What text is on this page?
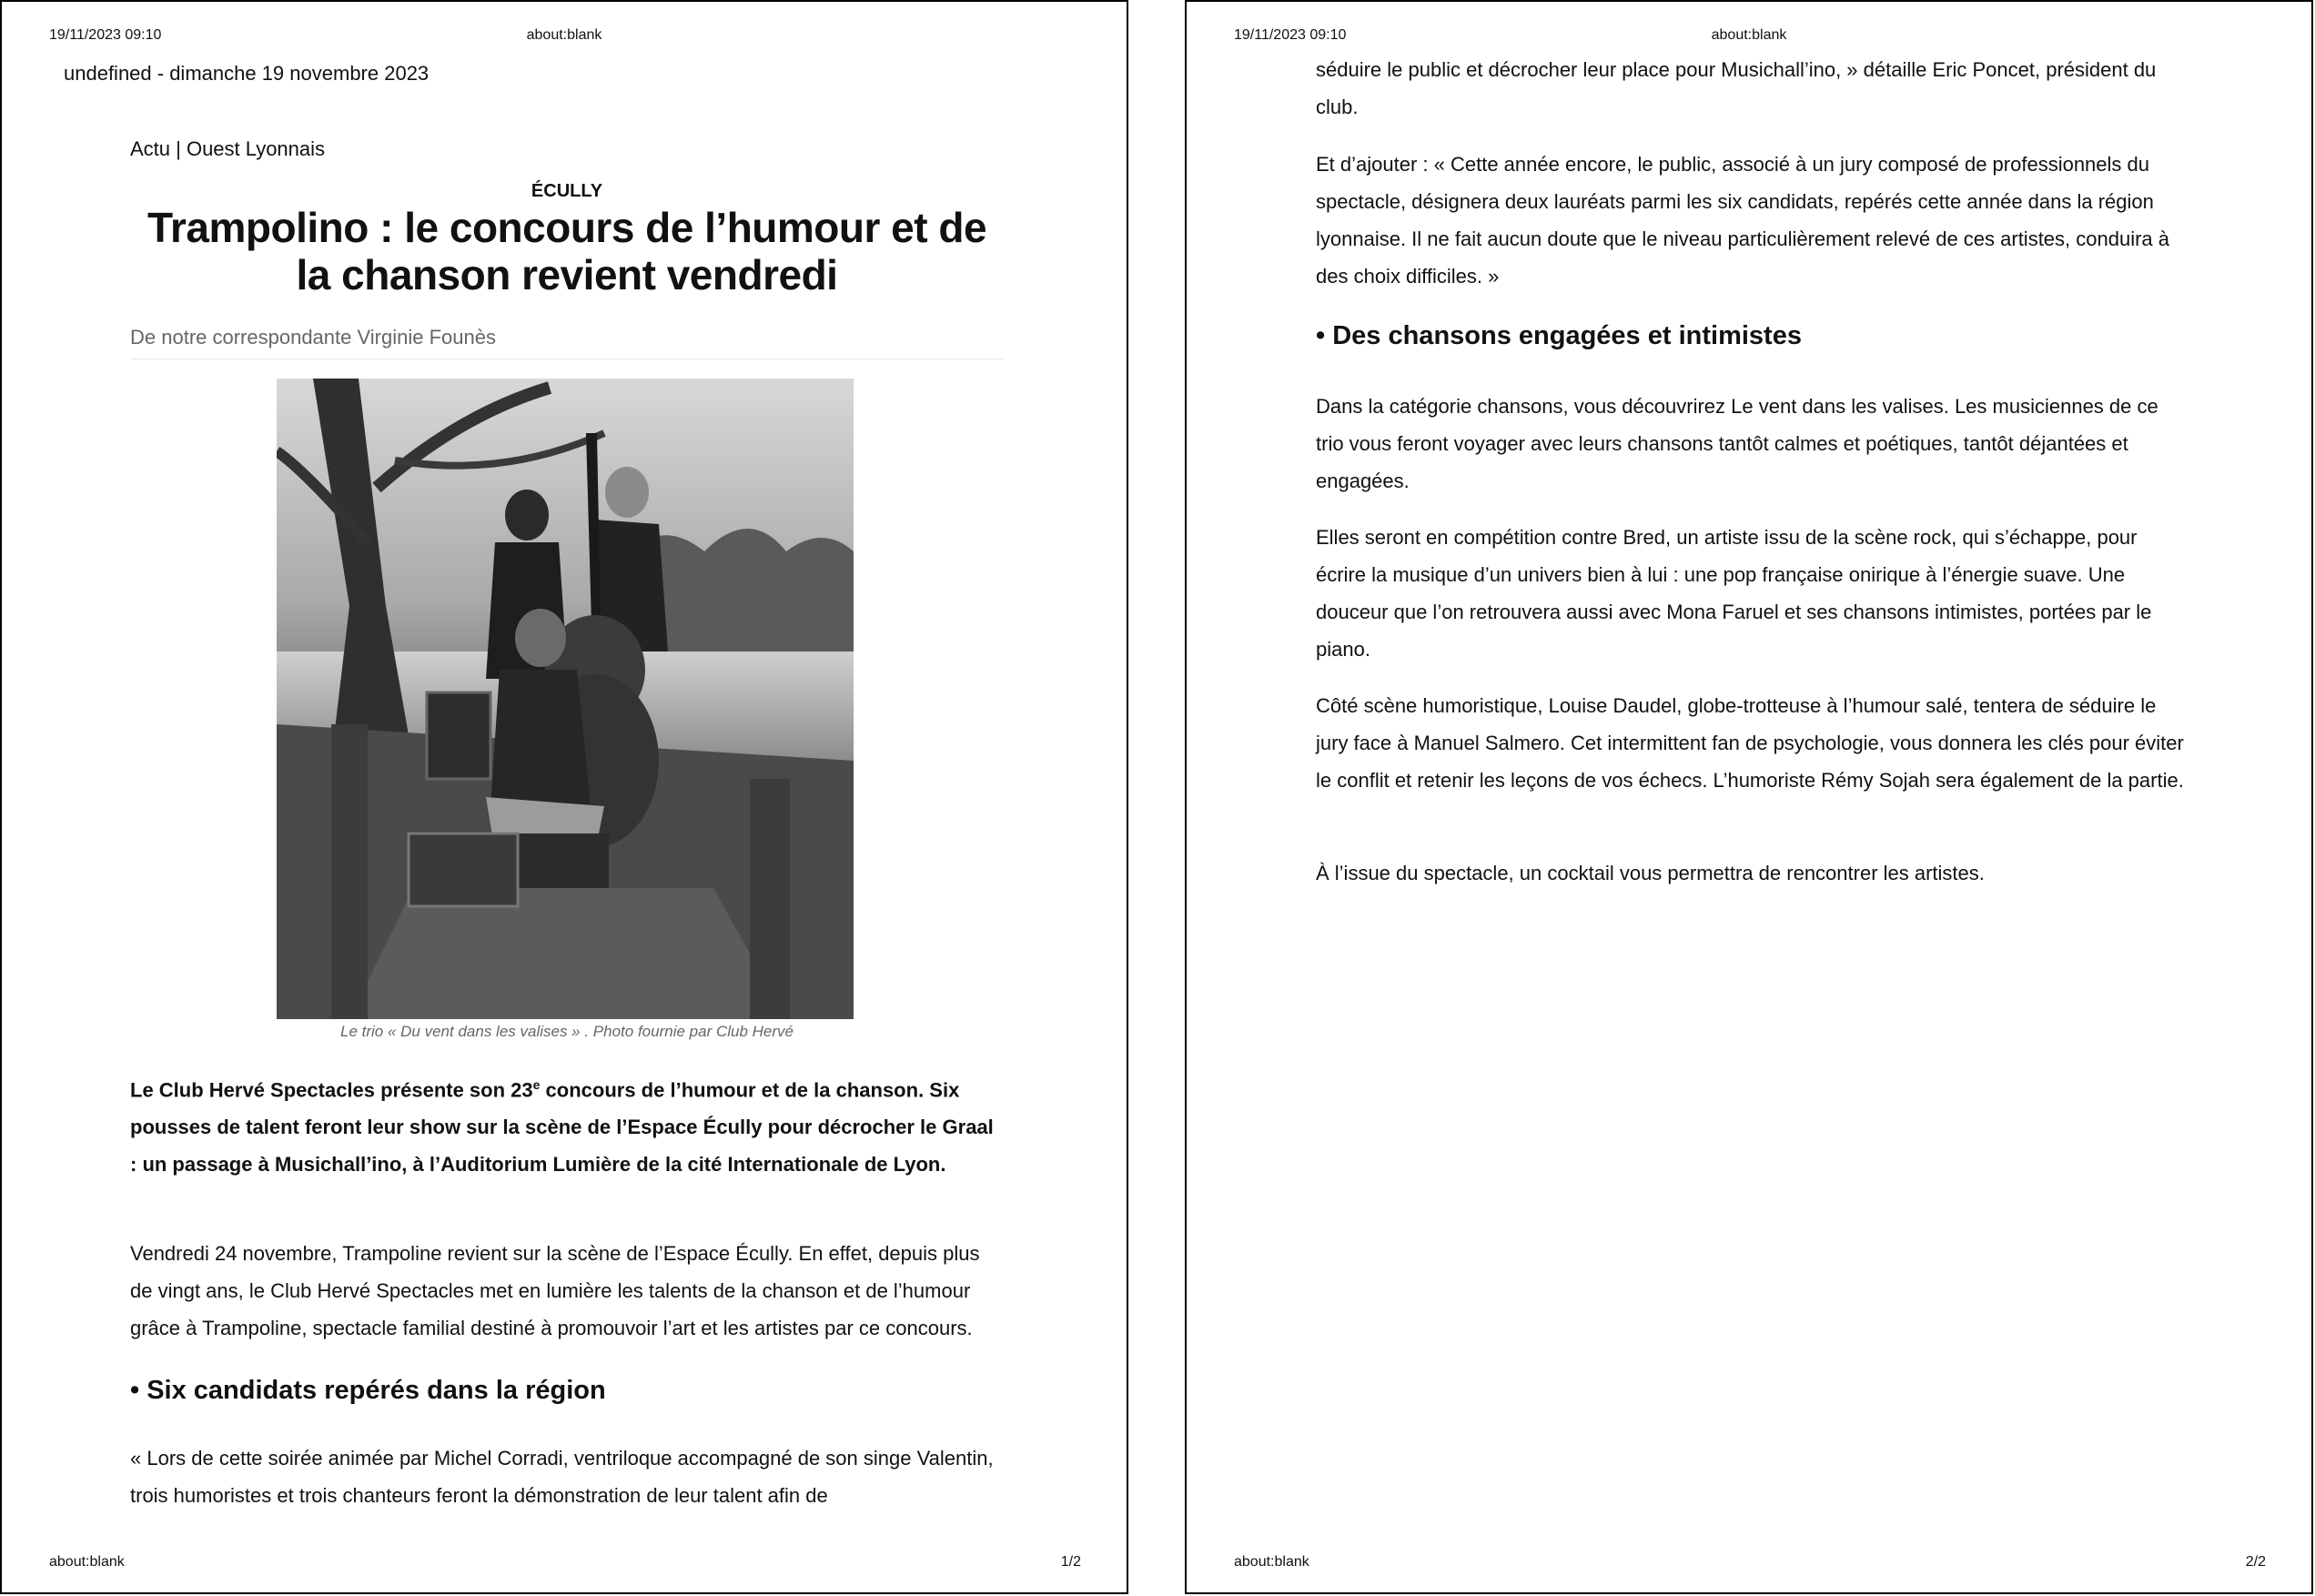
19/11/2023 09:10	about:blank
undefined - dimanche 19 novembre 2023
Actu | Ouest Lyonnais
ÉCULLY
Trampolino : le concours de l’humour et de la chanson revient vendredi
De notre correspondante Virginie Founès
Le trio « Du vent dans les valises » . Photo fournie par Club Hervé

Le Club Hervé Spectacles présente son 23e concours de l’humour et de la chanson. Six pousses de talent feront leur show sur la scène de l’Espace Écully pour décrocher le Graal : un passage à Musichall’ino, à l’Auditorium Lumière de la cité Internationale de Lyon.

Vendredi 24 novembre, Trampoline revient sur la scène de l’Espace Écully. En effet, depuis plus de vingt ans, le Club Hervé Spectacles met en lumière les talents de la chanson et de l’humour grâce à Trampoline, spectacle familial destiné à promouvoir l’art et les artistes par ce concours.

• Six candidats repérés dans la région

« Lors de cette soirée animée par Michel Corradi, ventriloque accompagné de son singe Valentin, trois humoristes et trois chanteurs feront la démonstration de leur talent afin de

about:blank	1/2
19/11/2023 09:10	about:blank

séduire le public et décrocher leur place pour Musichall’ino, » détaille Eric Poncet, président du club.

Et d’ajouter : « Cette année encore, le public, associé à un jury composé de professionnels du spectacle, désignera deux lauréats parmi les six candidats, repérés cette année dans la région lyonnaise. Il ne fait aucun doute que le niveau particulièrement relevé de ces artistes, conduira à des choix difficiles. »

• Des chansons engagées et intimistes

Dans la catégorie chansons, vous découvrirez Le vent dans les valises. Les musiciennes de ce trio vous feront voyager avec leurs chansons tantôt calmes et poétiques, tantôt déjantées et engagées.

Elles seront en compétition contre Bred, un artiste issu de la scène rock, qui s’échappe, pour écrire la musique d’un univers bien à lui : une pop française onirique à l’énergie suave. Une douceur que l’on retrouvera aussi avec Mona Faruel et ses chansons intimistes, portées par le piano.

Côté scène humoristique, Louise Daudel, globe-trotteuse à l’humour salé, tentera de séduire le jury face à Manuel Salmero. Cet intermittent fan de psychologie, vous donnera les clés pour éviter le conflit et retenir les leçons de vos échecs. L’humoriste Rémy Sojah sera également de la partie.

À l’issue du spectacle, un cocktail vous permettra de rencontrer les artistes.

about:blank	2/2
